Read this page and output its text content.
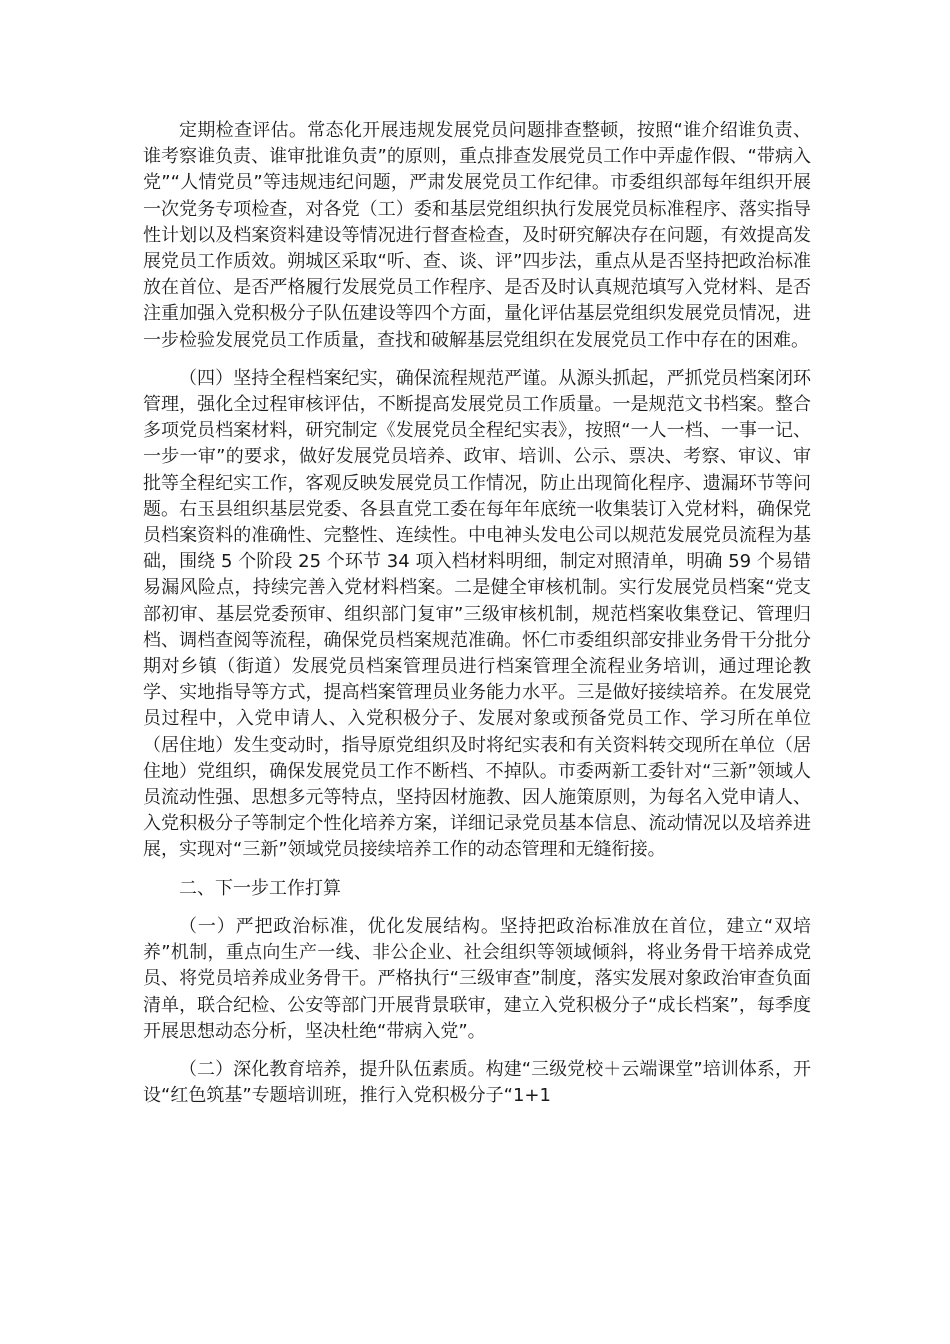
定期检查评估。常态化开展违规发展党员问题排查整顿，按照“谁介绍谁负责、谁考察谁负责、谁审批谁负责”的原则，重点排查发展党员工作中弄虚作假、“带病入党”“人情党员”等违规违纪问题，严肃发展党员工作纪律。市委组织部每年组织开展一次党务专项检查，对各党（工）委和基层党组织执行发展党员标准程序、落实指导性计划以及档案资料建设等情况进行督查检查，及时研究解决存在问题，有效提高发展党员工作质效。朔城区采取“听、查、谈、评”四步法，重点从是否坚持把政治标准放在首位、是否严格履行发展党员工作程序、是否及时认真规范填写入党材料、是否注重加强入党积极分子队伍建设等四个方面，量化评估基层党组织发展党员情况，进一步检验发展党员工作质量，查找和破解基层党组织在发展党员工作中存在的困难。

（四）坚持全程档案纪实，确保流程规范严谨。从源头抓起，严抓党员档案闭环管理，强化全过程审核评估，不断提高发展党员工作质量。一是规范文书档案。整合多项党员档案材料，研究制定《发展党员全程纪实表》，按照“一人一档、一事一记、一步一审”的要求，做好发展党员培养、政审、培训、公示、票决、考察、审议、审批等全程纪实工作，客观反映发展党员工作情况，防止出现简化程序、遗漏环节等问题。右玉县组织基层党委、各县直党工委在每年年底统一收集装订入党材料，确保党员档案资料的准确性、完整性、连续性。中电神头发电公司以规范发展党员流程为基础，围绕 5 个阶段 25 个环节 34 项入档材料明细，制定对照清单，明确 59 个易错易漏风险点，持续完善入党材料档案。二是健全审核机制。实行发展党员档案“党支部初审、基层党委预审、组织部门复审”三级审核机制，规范档案收集登记、管理归档、调档查阅等流程，确保党员档案规范准确。怀仁市委组织部安排业务骨干分批分期对乡镇（街道）发展党员档案管理员进行档案管理全流程业务培训，通过理论教学、实地指导等方式，提高档案管理员业务能力水平。三是做好接续培养。在发展党员过程中，入党申请人、入党积极分子、发展对象或预备党员工作、学习所在单位（居住地）发生变动时，指导原党组织及时将纪实表和有关资料转交现所在单位（居住地）党组织，确保发展党员工作不断档、不掉队。市委两新工委针对“三新”领域人员流动性强、思想多元等特点，坚持因材施教、因人施策原则，为每名入党申请人、入党积极分子等制定个性化培养方案，详细记录党员基本信息、流动情况以及培养进展，实现对“三新”领域党员接续培养工作的动态管理和无缝衔接。

二、下一步工作打算

（一）严把政治标准，优化发展结构。坚持把政治标准放在首位，建立“双培养”机制，重点向生产一线、非公企业、社会组织等领域倾斜，将业务骨干培养成党员、将党员培养成业务骨干。严格执行“三级审查”制度，落实发展对象政治审查负面清单，联合纪检、公安等部门开展背景联审，建立入党积极分子“成长档案”，每季度开展思想动态分析，坚决杜绝“带病入党”。

（二）深化教育培养，提升队伍素质。构建“三级党校＋云端课堂”培训体系，开设“红色筑基”专题培训班，推行入党积极分子“1+1
